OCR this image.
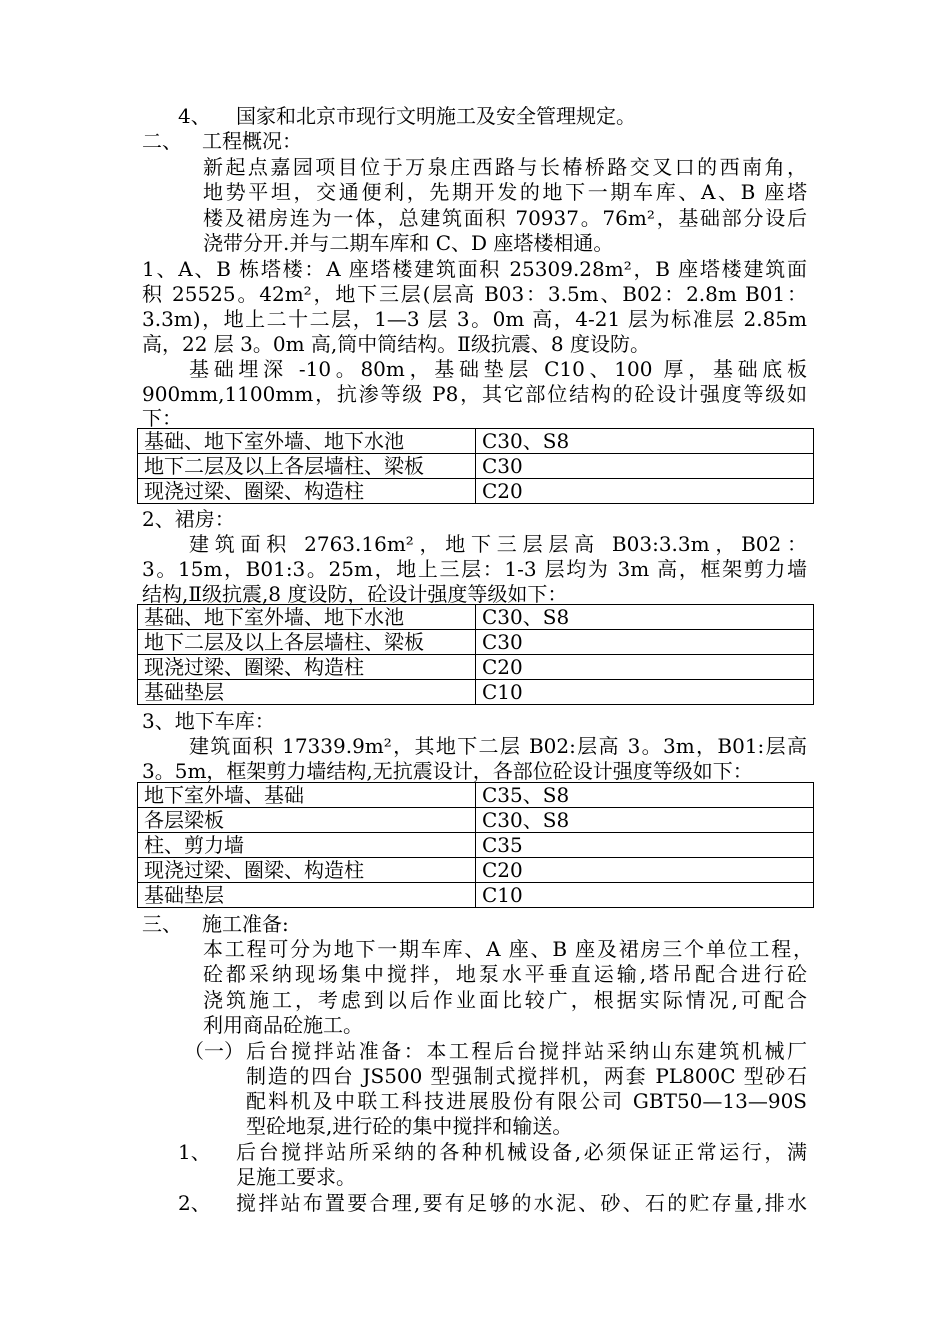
4、 国家和北京市现行文明施工及安全管理规定。
二、 工程概况：
新起点嘉园项目位于万泉庄西路与长椿桥路交叉口的西南角，
地势平坦，交通便利，先期开发的地下一期车库、A、B 座塔
楼及裙房连为一体，总建筑面积 70937。76m²，基础部分设后
浇带分开.并与二期车库和 C、D 座塔楼相通。
1、A、B 栋塔楼：A 座塔楼建筑面积 25309.28m²，B 座塔楼建筑面
积 25525。42m²，地下三层(层高 B03：3.5m、B02：2.8m B01：
3.3m)，地上二十二层，1—3 层 3。0m 高，4-21 层为标准层 2.85m
高，22 层 3。0m 高,筒中筒结构。Ⅱ级抗震、8 度设防。
基础埋深 -10。80m，基础垫层 C10、100 厚，基础底板
900mm,1100mm，抗渗等级 P8，其它部位结构的砼设计强度等级如
下：
基础、地下室外墙、地下水池	C30、S8
地下二层及以上各层墙柱、梁板	C30
现浇过梁、圈梁、构造柱	C20
2、裙房：
建筑面积 2763.16m²，地下三层层高 B03:3.3m，B02：
3。15m，B01:3。25m，地上三层：1-3 层均为 3m 高，框架剪力墙
结构,Ⅱ级抗震,8 度设防，砼设计强度等级如下：
基础、地下室外墙、地下水池	C30、S8
地下二层及以上各层墙柱、梁板	C30
现浇过梁、圈梁、构造柱	C20
基础垫层	C10
3、地下车库：
建筑面积 17339.9m²，其地下二层 B02:层高 3。3m，B01:层高
3。5m，框架剪力墙结构,无抗震设计，各部位砼设计强度等级如下：
地下室外墙、基础	C35、S8
各层梁板	C30、S8
柱、剪力墙	C35
现浇过梁、圈梁、构造柱	C20
基础垫层	C10
三、 施工准备:
本工程可分为地下一期车库、A 座、B 座及裙房三个单位工程，
砼都采纳现场集中搅拌，地泵水平垂直运输,塔吊配合进行砼
浇筑施工，考虑到以后作业面比较广，根据实际情况,可配合
利用商品砼施工。
（一） 后台搅拌站准备：本工程后台搅拌站采纳山东建筑机械厂
制造的四台 JS500 型强制式搅拌机，两套 PL800C 型砂石
配料机及中联工科技进展股份有限公司 GBT50—13—90S
型砼地泵,进行砼的集中搅拌和输送。
1、 后台搅拌站所采纳的各种机械设备,必须保证正常运行，满
足施工要求。
2、 搅拌站布置要合理,要有足够的水泥、砂、石的贮存量,排水
